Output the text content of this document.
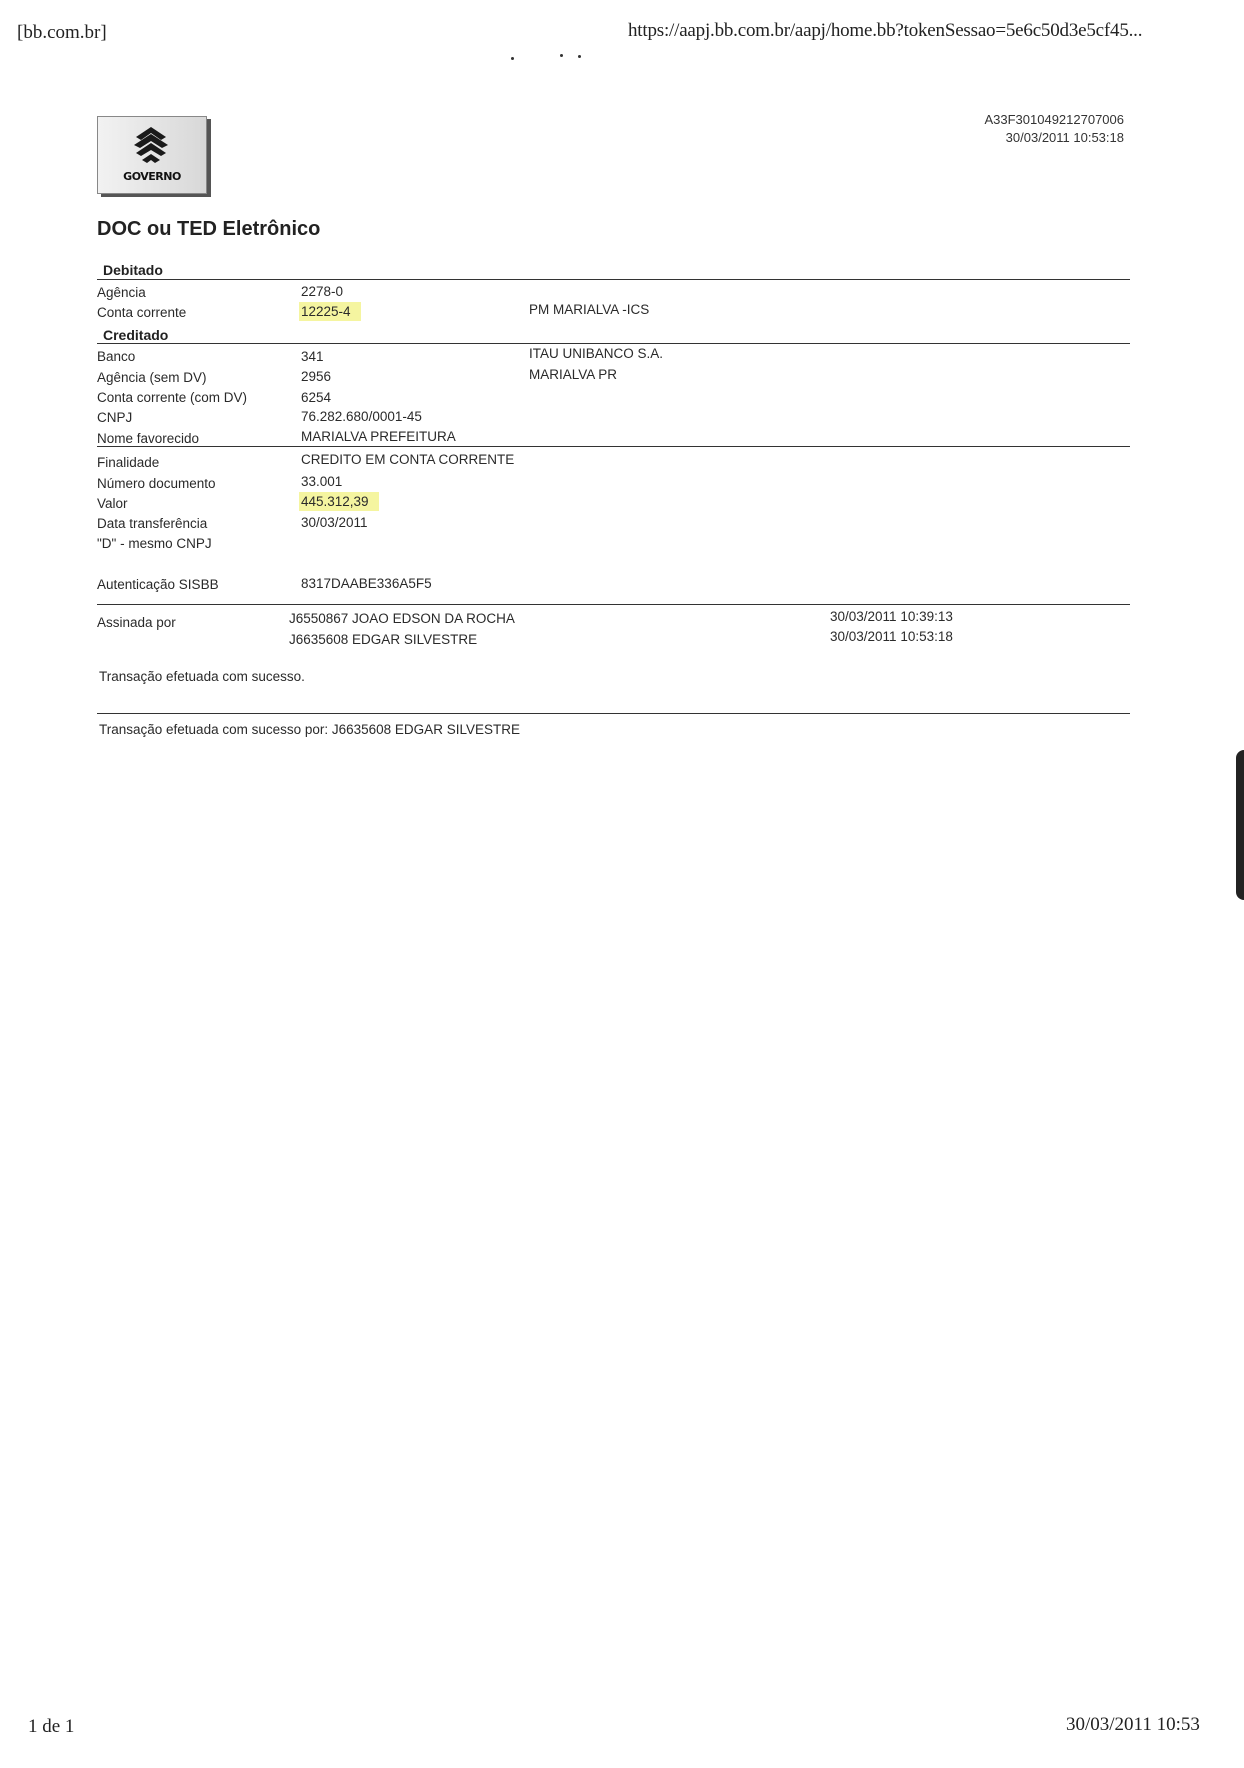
[bb.com.br]	https://aapj.bb.com.br/aapj/home.bb?tokenSessao=5e6c50d3e5cf45...
GOVERNO
A33F301049212707006
30/03/2011 10:53:18
DOC ou TED Eletrônico
Debitado
Agência	2278-0
Conta corrente	12225-4	PM MARIALVA -ICS
Creditado
Banco	341	ITAU UNIBANCO S.A.
Agência (sem DV)	2956	MARIALVA PR
Conta corrente (com DV)	6254
CNPJ	76.282.680/0001-45
Nome favorecido	MARIALVA PREFEITURA
Finalidade	CREDITO EM CONTA CORRENTE
Número documento	33.001
Valor	445.312,39
Data transferência	30/03/2011
"D" - mesmo CNPJ
Autenticação SISBB	8317DAABE336A5F5
Assinada por	J6550867 JOAO EDSON DA ROCHA	30/03/2011 10:39:13
J6635608 EDGAR SILVESTRE	30/03/2011 10:53:18
Transação efetuada com sucesso.
Transação efetuada com sucesso por: J6635608 EDGAR SILVESTRE
1 de 1	30/03/2011 10:53
